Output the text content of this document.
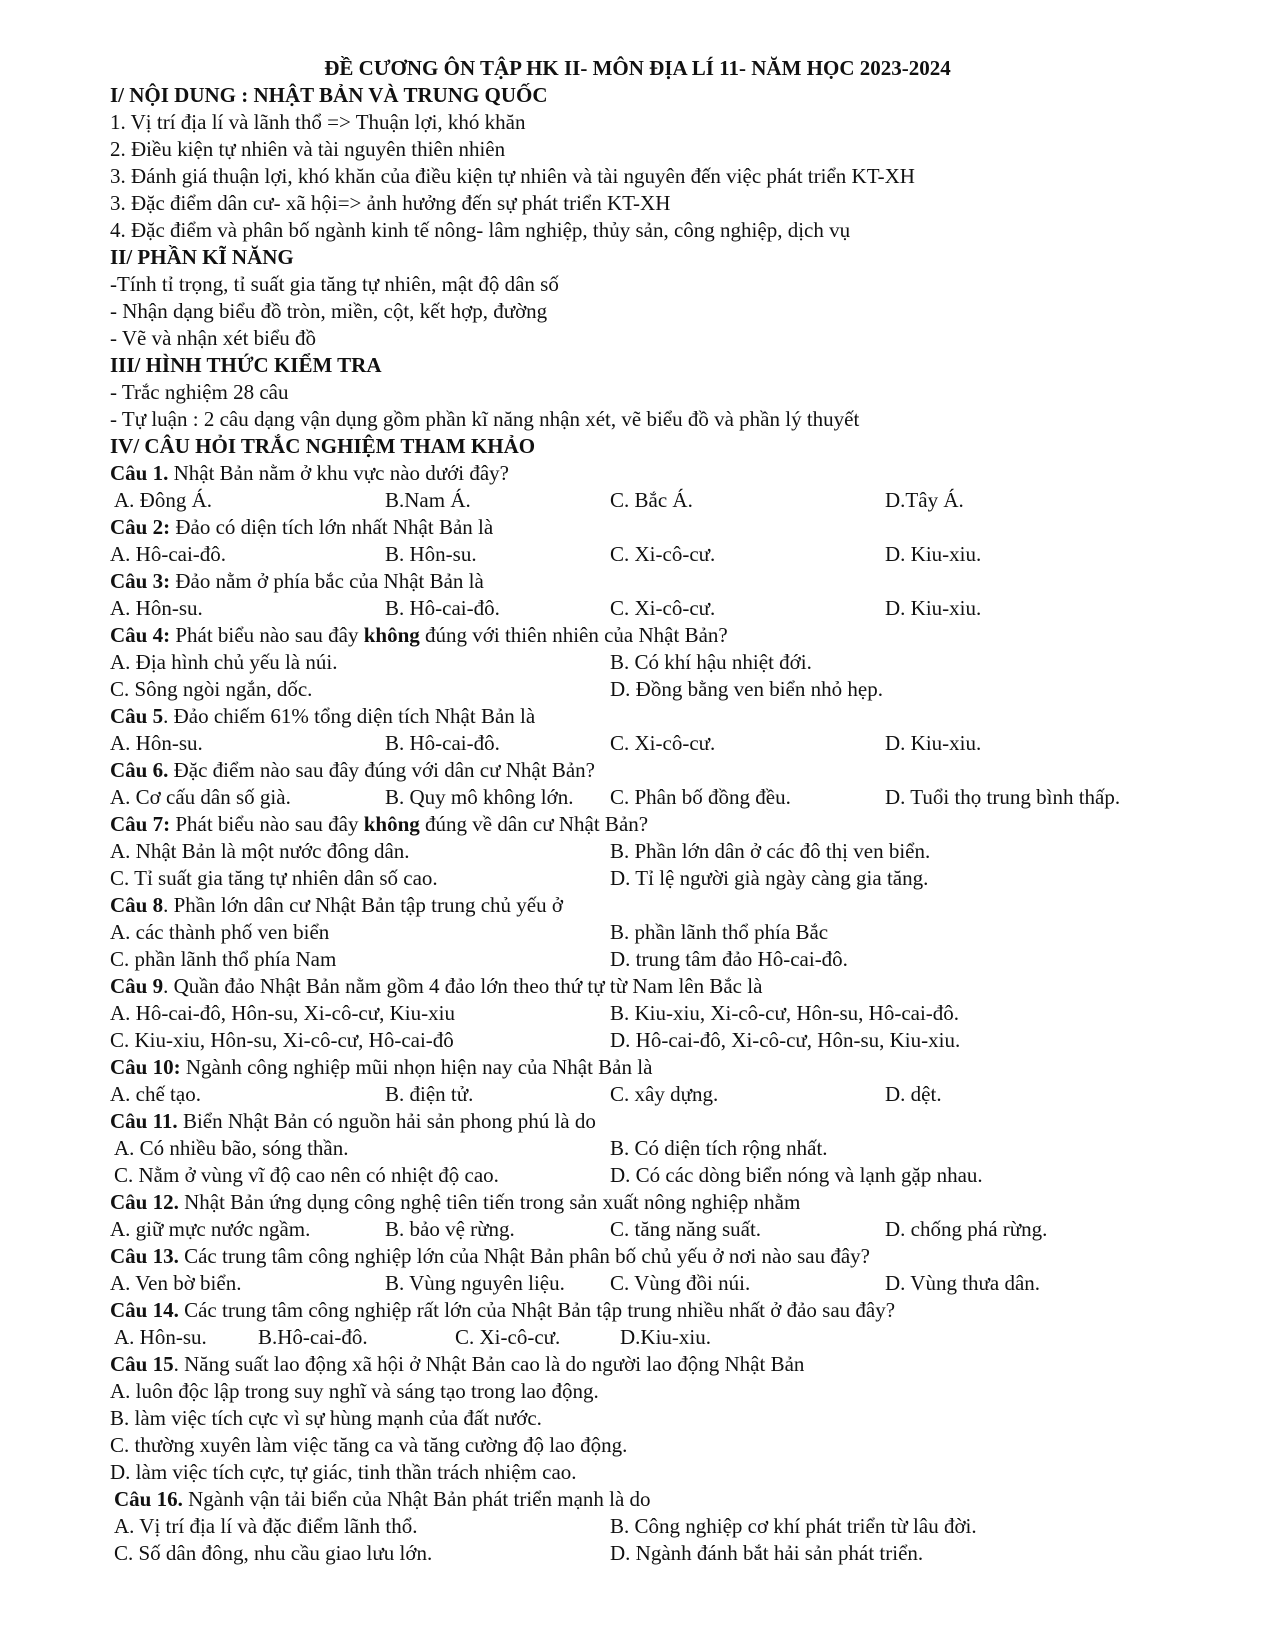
ĐỀ CƯƠNG ÔN TẬP HK II- MÔN ĐỊA LÍ 11- NĂM HỌC 2023-2024
I/ NỘI DUNG : NHẬT BẢN VÀ TRUNG QUỐC
1. Vị trí địa lí và lãnh thổ => Thuận lợi, khó khăn
2. Điều kiện tự nhiên và tài nguyên thiên nhiên
3. Đánh giá thuận lợi, khó khăn của điều kiện tự nhiên và tài nguyên đến việc phát triển KT-XH
3. Đặc điểm dân cư- xã hội=> ảnh hưởng đến sự phát triển KT-XH
4. Đặc điểm và phân bố ngành kinh tế nông- lâm nghiệp, thủy sản, công nghiệp, dịch vụ
II/ PHẦN KĨ NĂNG
-Tính tỉ trọng, tỉ suất gia tăng tự nhiên, mật độ dân số
- Nhận dạng biểu đồ tròn, miền, cột, kết hợp, đường
- Vẽ và nhận xét biểu đồ
III/ HÌNH THỨC KIỂM TRA
- Trắc nghiệm 28 câu
- Tự luận : 2 câu dạng vận dụng gồm phần kĩ năng nhận xét, vẽ biểu đồ và phần lý thuyết
IV/ CÂU HỎI TRẮC NGHIỆM THAM KHẢO
Câu 1. Nhật Bản nằm ở khu vực nào dưới đây?
A. Đông Á.	B.Nam Á.	C. Bắc Á.	D.Tây Á.
Câu 2: Đảo có diện tích lớn nhất Nhật Bản là
A. Hô-cai-đô.	B. Hôn-su.	C. Xi-cô-cư.	D. Kiu-xiu.
Câu 3: Đảo nằm ở phía bắc của Nhật Bản là
A. Hôn-su.	B. Hô-cai-đô.	C. Xi-cô-cư.	D. Kiu-xiu.
Câu 4: Phát biểu nào sau đây không đúng với thiên nhiên của Nhật Bản?
A. Địa hình chủ yếu là núi.	B. Có khí hậu nhiệt đới.
C. Sông ngòi ngắn, dốc.	D. Đồng bằng ven biển nhỏ hẹp.
Câu 5. Đảo chiếm 61% tổng diện tích Nhật Bản là
A. Hôn-su.	B. Hô-cai-đô.	C. Xi-cô-cư.	D. Kiu-xiu.
Câu 6. Đặc điểm nào sau đây đúng với dân cư Nhật Bản?
A. Cơ cấu dân số già.	B. Quy mô không lớn. C. Phân bố đồng đều.	D. Tuổi thọ trung bình thấp.
Câu 7: Phát biểu nào sau đây không đúng về dân cư Nhật Bản?
A. Nhật Bản là một nước đông dân.	B. Phần lớn dân ở các đô thị ven biển.
C. Tỉ suất gia tăng tự nhiên dân số cao.	D. Tỉ lệ người già ngày càng gia tăng.
Câu 8. Phần lớn dân cư Nhật Bản tập trung chủ yếu ở
A. các thành phố ven biển	B. phần lãnh thổ phía Bắc
C. phần lãnh thổ phía Nam	D. trung tâm đảo Hô-cai-đô.
Câu 9. Quần đảo Nhật Bản nằm gồm 4 đảo lớn theo thứ tự từ Nam lên Bắc là
A. Hô-cai-đô, Hôn-su, Xi-cô-cư, Kiu-xiu	B. Kiu-xiu, Xi-cô-cư, Hôn-su, Hô-cai-đô.
C. Kiu-xiu, Hôn-su, Xi-cô-cư, Hô-cai-đô	D. Hô-cai-đô, Xi-cô-cư, Hôn-su, Kiu-xiu.
Câu 10: Ngành công nghiệp mũi nhọn hiện nay của Nhật Bản là
A. chế tạo.	B. điện tử.	C. xây dựng.	D. dệt.
Câu 11. Biển Nhật Bản có nguồn hải sản phong phú là do
A. Có nhiều bão, sóng thần.	B. Có diện tích rộng nhất.
C. Nằm ở vùng vĩ độ cao nên có nhiệt độ cao.	D. Có các dòng biển nóng và lạnh gặp nhau.
Câu 12. Nhật Bản ứng dụng công nghệ tiên tiến trong sản xuất nông nghiệp nhằm
A. giữ mực nước ngầm.	B. bảo vệ rừng.	C. tăng năng suất.	D. chống phá rừng.
Câu 13. Các trung tâm công nghiệp lớn của Nhật Bản phân bố chủ yếu ở nơi nào sau đây?
A. Ven bờ biển.	B. Vùng nguyên liệu. C. Vùng đồi núi.	D. Vùng thưa dân.
Câu 14. Các trung tâm công nghiệp rất lớn của Nhật Bản tập trung nhiều nhất ở đảo sau đây?
A. Hôn-su. B.Hô-cai-đô.	C. Xi-cô-cư.	D.Kiu-xiu.
Câu 15. Năng suất lao động xã hội ở Nhật Bản cao là do người lao động Nhật Bản
A. luôn độc lập trong suy nghĩ và sáng tạo trong lao động.
B. làm việc tích cực vì sự hùng mạnh của đất nước.
C. thường xuyên làm việc tăng ca và tăng cường độ lao động.
D. làm việc tích cực, tự giác, tinh thần trách nhiệm cao.
Câu 16. Ngành vận tải biển của Nhật Bản phát triển mạnh là do
A. Vị trí địa lí và đặc điểm lãnh thổ.	B. Công nghiệp cơ khí phát triển từ lâu đời.
C. Số dân đông, nhu cầu giao lưu lớn.	D. Ngành đánh bắt hải sản phát triển.
